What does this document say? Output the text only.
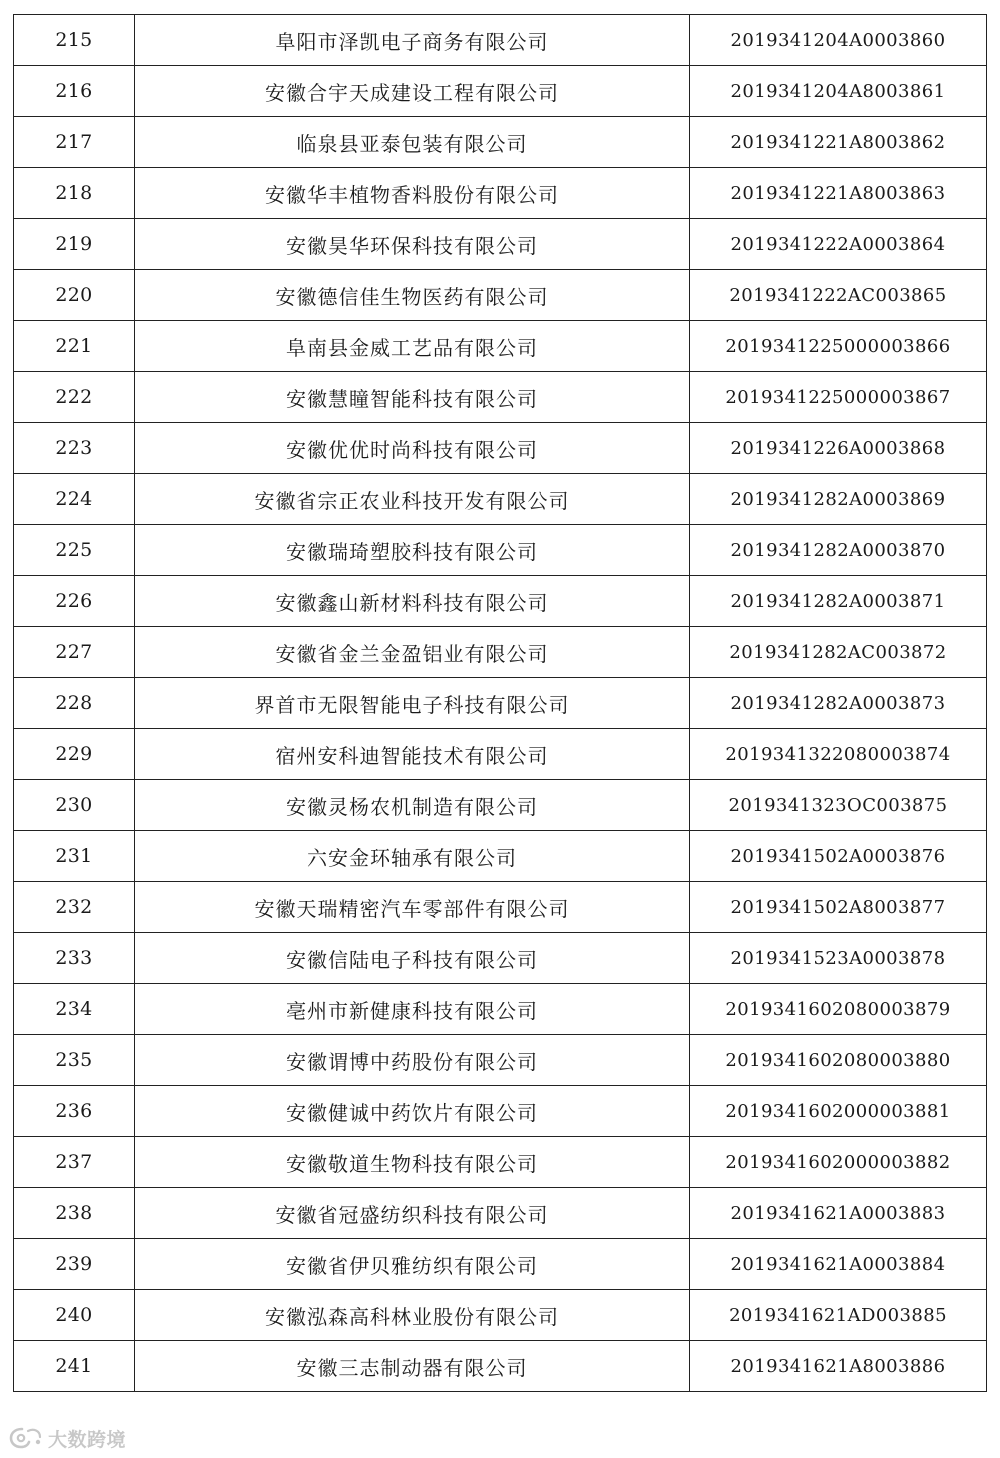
215	阜阳市泽凯电子商务有限公司	2019341204A0003860
216	安徽合宇天成建设工程有限公司	2019341204A8003861
217	临泉县亚泰包装有限公司	2019341221A8003862
218	安徽华丰植物香料股份有限公司	2019341221A8003863
219	安徽昊华环保科技有限公司	2019341222A0003864
220	安徽德信佳生物医药有限公司	2019341222AC003865
221	阜南县金威工艺品有限公司	2019341225000003866
222	安徽慧瞳智能科技有限公司	2019341225000003867
223	安徽优优时尚科技有限公司	2019341226A0003868
224	安徽省宗正农业科技开发有限公司	2019341282A0003869
225	安徽瑞琦塑胶科技有限公司	2019341282A0003870
226	安徽鑫山新材料科技有限公司	2019341282A0003871
227	安徽省金兰金盈铝业有限公司	2019341282AC003872
228	界首市无限智能电子科技有限公司	2019341282A0003873
229	宿州安科迪智能技术有限公司	2019341322080003874
230	安徽灵杨农机制造有限公司	2019341323OC003875
231	六安金环轴承有限公司	2019341502A0003876
232	安徽天瑞精密汽车零部件有限公司	2019341502A8003877
233	安徽信陆电子科技有限公司	2019341523A0003878
234	亳州市新健康科技有限公司	2019341602080003879
235	安徽谓博中药股份有限公司	2019341602080003880
236	安徽健诚中药饮片有限公司	2019341602000003881
237	安徽敬道生物科技有限公司	2019341602000003882
238	安徽省冠盛纺织科技有限公司	2019341621A0003883
239	安徽省伊贝雅纺织有限公司	2019341621A0003884
240	安徽泓森高科林业股份有限公司	2019341621AD003885
241	安徽三志制动器有限公司	2019341621A8003886
大数跨境
